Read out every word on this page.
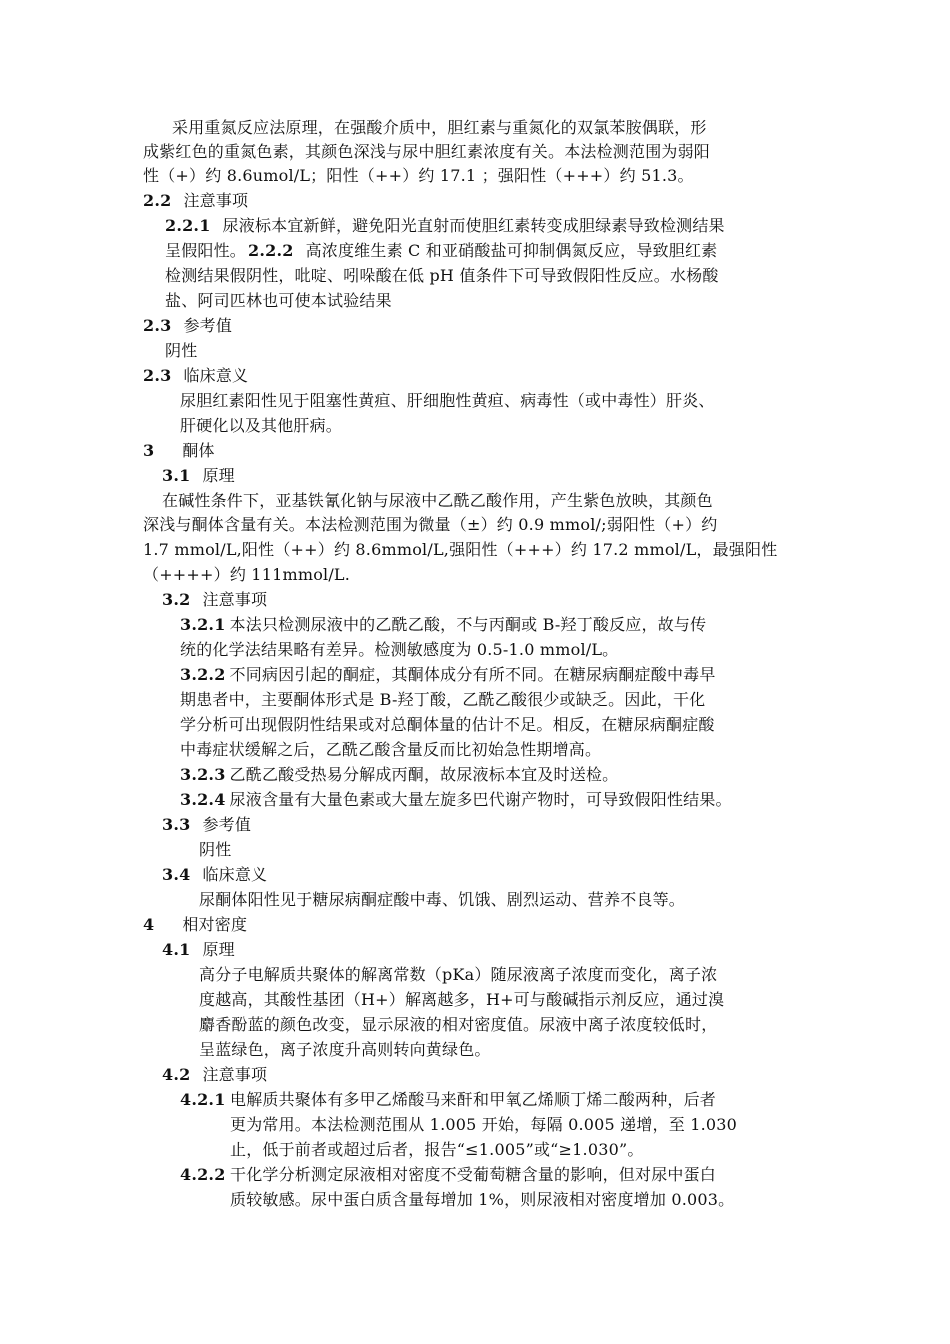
采用重氮反应法原理，在强酸介质中，胆红素与重氮化的双氯苯胺偶联，形
成紫红色的重氮色素，其颜色深浅与尿中胆红素浓度有关。本法检测范围为弱阳
性（+）约 8.6umol/L；阳性（++）约 17.1 ；强阳性（+++）约 51.3。
2.2 注意事项
2.2.1 尿液标本宜新鲜，避免阳光直射而使胆红素转变成胆绿素导致检测结果
呈假阳性。 2.2.2 高浓度维生素 C 和亚硝酸盐可抑制偶氮反应，导致胆红素
检测结果假阴性，吡啶、吲哚酸在低 pH 值条件下可导致假阳性反应。水杨酸
盐、阿司匹林也可使本试验结果
2.3 参考值
阴性
2.3 临床意义
尿胆红素阳性见于阻塞性黄疸、肝细胞性黄疸、病毒性（或中毒性）肝炎、
肝硬化以及其他肝病。
3 酮体
3.1 原理
在碱性条件下，亚基铁氰化钠与尿液中乙酰乙酸作用，产生紫色放映，其颜色
深浅与酮体含量有关。本法检测范围为微量（±）约 0.9 mmol/;弱阳性（+）约
1.7 mmol/L,阳性（++）约 8.6mmol/L,强阳性（+++）约 17.2 mmol/L，最强阳性
（++++）约 111mmol/L.
3.2 注意事项
3.2.1 本法只检测尿液中的乙酰乙酸，不与丙酮或 B-羟丁酸反应，故与传
统的化学法结果略有差异。检测敏感度为 0.5-1.0 mmol/L。
3.2.2 不同病因引起的酮症，其酮体成分有所不同。在糖尿病酮症酸中毒早
期患者中，主要酮体形式是 B-羟丁酸，乙酰乙酸很少或缺乏。因此，干化
学分析可出现假阴性结果或对总酮体量的估计不足。相反，在糖尿病酮症酸
中毒症状缓解之后，乙酰乙酸含量反而比初始急性期增高。
3.2.3 乙酰乙酸受热易分解成丙酮，故尿液标本宜及时送检。
3.2.4 尿液含量有大量色素或大量左旋多巴代谢产物时，可导致假阳性结果。
3.3 参考值
阴性
3.4 临床意义
尿酮体阳性见于糖尿病酮症酸中毒、饥饿、剧烈运动、营养不良等。
4 相对密度
4.1 原理
高分子电解质共聚体的解离常数（pKa）随尿液离子浓度而变化，离子浓
度越高，其酸性基团（H+）解离越多，H+可与酸碱指示剂反应，通过溴
麝香酚蓝的颜色改变，显示尿液的相对密度值。尿液中离子浓度较低时，
呈蓝绿色，离子浓度升高则转向黄绿色。
4.2 注意事项
4.2.1 电解质共聚体有多甲乙烯酸马来酐和甲氧乙烯顺丁烯二酸两种，后者
更为常用。本法检测范围从 1.005 开始，每隔 0.005 递增，至 1.030
止，低于前者或超过后者，报告“≤1.005”或“≥1.030”。
4.2.2 干化学分析测定尿液相对密度不受葡萄糖含量的影响，但对尿中蛋白
质较敏感。尿中蛋白质含量每增加 1%，则尿液相对密度增加 0.003。
